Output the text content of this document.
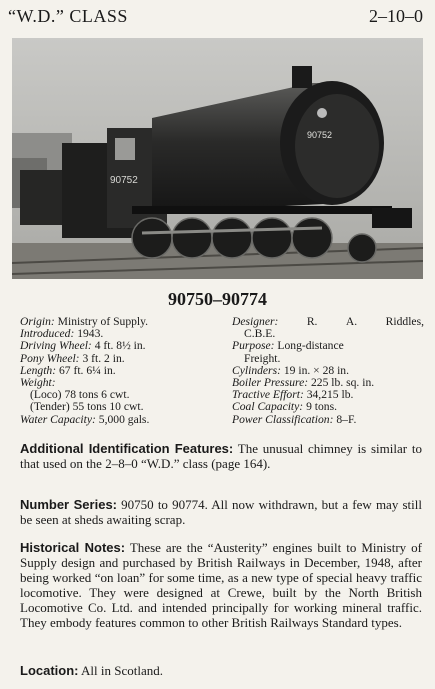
“W.D.” CLASS	2–10–0
90752
90752
90750–90774
Origin: Ministry of Supply.
Introduced: 1943.
Driving Wheel: 4 ft. 8½ in.
Pony Wheel: 3 ft. 2 in.
Length: 67 ft. 6¼ in.
Weight:
(Loco) 78 tons 6 cwt.
(Tender) 55 tons 10 cwt.
Water Capacity: 5,000 gals.
Designer: R. A. Riddles,
C.B.E.
Purpose: Long-distance
Freight.
Cylinders: 19 in. × 28 in.
Boiler Pressure: 225 lb. sq. in.
Tractive Effort: 34,215 lb.
Coal Capacity: 9 tons.
Power Classification: 8–F.
Additional Identification Features: The unusual chimney is similar to that used on the 2–8–0 “W.D.” class (page 164).
Number Series: 90750 to 90774. All now withdrawn, but a few may still be seen at sheds awaiting scrap.
Historical Notes: These are the “Austerity” engines built to Ministry of Supply design and purchased by British Railways in December, 1948, after being worked “on loan” for some time, as a new type of special heavy traffic locomotive. They were designed at Crewe, built by the North British Locomotive Co. Ltd. and intended principally for working mineral traffic. They embody features common to other British Railways Standard types.
Location: All in Scotland.
